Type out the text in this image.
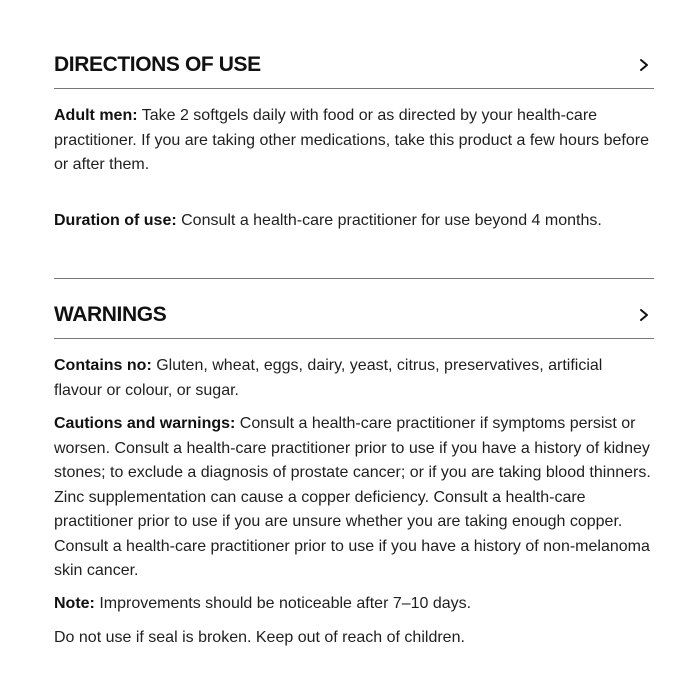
DIRECTIONS OF USE

Adult men: Take 2 softgels daily with food or as directed by your health-care practitioner. If you are taking other medications, take this product a few hours before or after them.

Duration of use: Consult a health-care practitioner for use beyond 4 months.

WARNINGS

Contains no: Gluten, wheat, eggs, dairy, yeast, citrus, preservatives, artificial flavour or colour, or sugar.

Cautions and warnings: Consult a health-care practitioner if symptoms persist or worsen. Consult a health-care practitioner prior to use if you have a history of kidney stones; to exclude a diagnosis of prostate cancer; or if you are taking blood thinners. Zinc supplementation can cause a copper deficiency. Consult a health-care practitioner prior to use if you are unsure whether you are taking enough copper. Consult a health-care practitioner prior to use if you have a history of non-melanoma skin cancer.

Note: Improvements should be noticeable after 7–10 days.

Do not use if seal is broken. Keep out of reach of children.
